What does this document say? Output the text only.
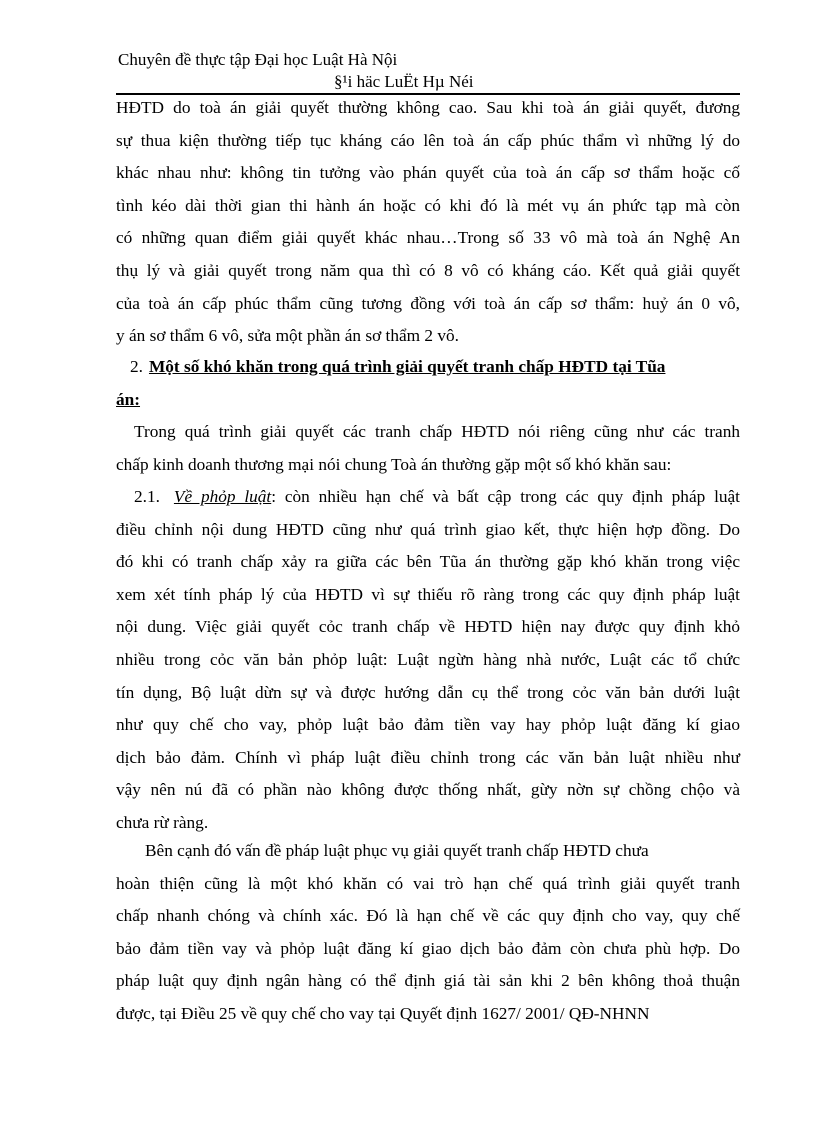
Chuyên đề thực tập Đại học Luật Hà Nội
§¹i häc LuËt Hµ Néi
HĐTD do toà án giải quyết thường không cao. Sau khi toà án giải quyết, đương
sự thua kiện thường tiếp tục kháng cáo lên toà án cấp phúc thẩm vì những lý do
khác nhau như: không tin tưởng vào phán quyết của toà án cấp sơ thẩm hoặc cố
tình kéo dài thời gian thi hành án hoặc có khi đó là mét vụ án phức tạp mà còn
có những quan điểm giải quyết khác nhau…Trong số 33 vô mà toà án Nghệ An
thụ lý và giải quyết trong năm qua thì có 8 vô có kháng cáo. Kết quả giải quyết
của toà án cấp phúc thẩm cũng tương đồng với toà án cấp sơ thẩm: huỷ án 0 vô,
y án sơ thẩm 6 vô, sửa một phần án sơ thẩm 2 vô.
2. Một số khó khăn trong quá trình giải quyết tranh chấp HĐTD tại Tũa
án:
Trong quá trình giải quyết các tranh chấp HĐTD nói riêng cũng như các tranh
chấp kinh doanh thương mại nói chung Toà án thường gặp một số khó khăn sau:
2.1. Về phỏp luật: còn nhiều hạn chế và bất cập trong các quy định pháp luật
điều chỉnh nội dung HĐTD cũng như quá trình giao kết, thực hiện hợp đồng. Do
đó khi có tranh chấp xảy ra giữa các bên Tũa án thường gặp khó khăn trong việc
xem xét tính pháp lý của HĐTD vì sự thiếu rõ ràng trong các quy định pháp luật
nội dung. Việc giải quyết cỏc tranh chấp về HĐTD hiện nay được quy định khỏ
nhiều trong cỏc văn bản phỏp luật: Luật ngừn hàng nhà nước, Luật các tổ chức
tín dụng, Bộ luật dừn sự và được hướng dẫn cụ thể trong cỏc văn bản dưới luật
như quy chế cho vay, phỏp luật bảo đảm tiền vay hay phỏp luật đăng kí giao
dịch bảo đảm. Chính vì pháp luật điều chỉnh trong các văn bản luật nhiều như
vậy nên nú đã có phần nào không được thống nhất, gừy nờn sự chồng chộo và
chưa rừ ràng.
Bên cạnh đó vấn đề pháp luật phục vụ giải quyết tranh chấp HĐTD chưa
hoàn thiện cũng là một khó khăn có vai trò hạn chế quá trình giải quyết tranh
chấp nhanh chóng và chính xác. Đó là hạn chế về các quy định cho vay, quy chế
bảo đảm tiền vay và phỏp luật đăng kí giao dịch bảo đảm còn chưa phù hợp. Do
pháp luật quy định ngân hàng có thể định giá tài sản khi 2 bên không thoả thuận
được, tại Điều 25 về quy chế cho vay tại Quyết định 1627/ 2001/ QĐ-NHNN
